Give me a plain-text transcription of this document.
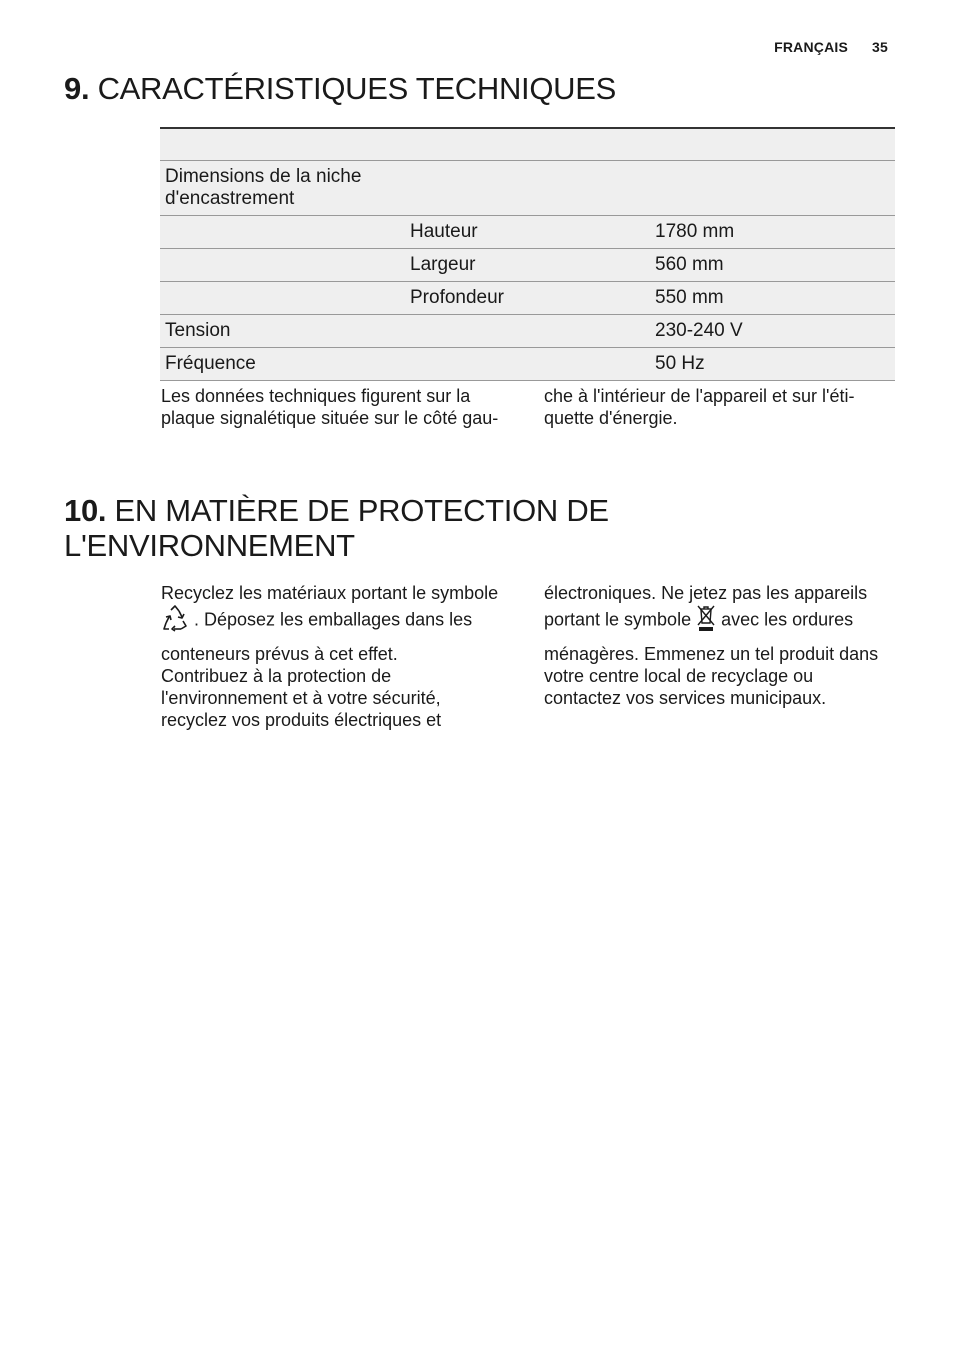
FRANÇAIS 35
9. CARACTÉRISTIQUES TECHNIQUES

Dimensions de la niche
d'encastrement		
	Hauteur	1780 mm
	Largeur	560 mm
	Profondeur	550 mm
Tension		230-240 V
Fréquence		50 Hz
Les données techniques figurent sur la
plaque signalétique située sur le côté gau-
che à l'intérieur de l'appareil et sur l'éti-
quette d'énergie.
10. EN MATIÈRE DE PROTECTION DE
L'ENVIRONNEMENT
Recyclez les matériaux portant le symbole
. Déposez les emballages dans les
conteneurs prévus à cet effet.
Contribuez à la protection de
l'environnement et à votre sécurité,
recyclez vos produits électriques et
électroniques. Ne jetez pas les appareils
portant le symbole avec les ordures
ménagères. Emmenez un tel produit dans
votre centre local de recyclage ou
contactez vos services municipaux.
